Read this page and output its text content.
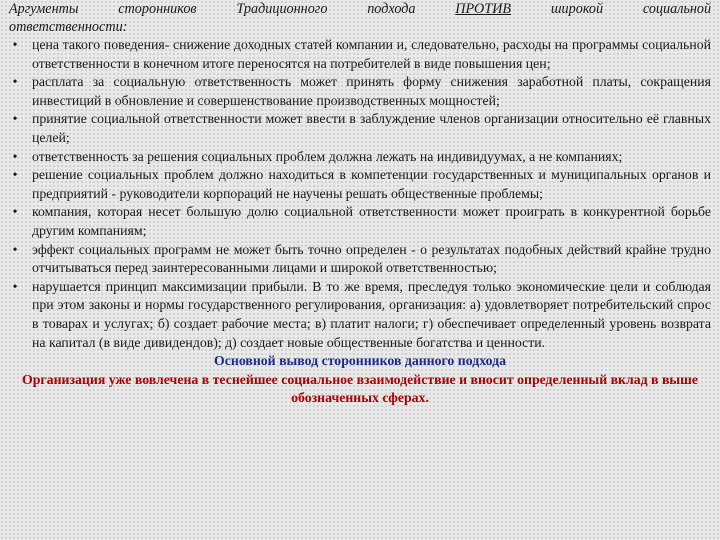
Аргументы	сторонников	Традиционного	подхода	ПРОТИВ	широкой	социальной

ответственности:

• цена такого поведения- снижение доходных статей компании и, следовательно, расходы на программы социальной ответственности в конечном итоге переносятся на потребителей в виде повышения цен;
• расплата за социальную ответственность может принять форму снижения заработной платы, сокращения инвестиций в обновление и совершенствование производственных мощностей;
• принятие социальной ответственности может ввести в заблуждение членов организации относительно её главных целей;
• ответственность за решения социальных проблем должна лежать на индивидуумах, а не компаниях;
• решение социальных проблем должно находиться в компетенции государственных и муниципальных органов и предприятий - руководители корпораций не научены решать общественные проблемы;
• компания, которая несет большую долю социальной ответственности может проиграть в конкурентной борьбе другим компаниям;
• эффект социальных программ не может быть точно определен - о результатах подобных действий крайне трудно отчитываться перед заинтересованными лицами и широкой ответственностью;
• нарушается принцип максимизации прибыли. В то же время, преследуя только экономические цели и соблюдая при этом законы и нормы государственного регулирования, организация: а) удовлетворяет потребительский спрос в товарах и услугах; б) создает рабочие места; в) платит налоги; г) обеспечивает определенный уровень возврата на капитал (в виде дивидендов); д) создает новые общественные богатства и ценности.

Основной вывод сторонников данного подхода

Организация уже вовлечена в теснейшее социальное взаимодействие и вносит определенный вклад в выше обозначенных сферах.
